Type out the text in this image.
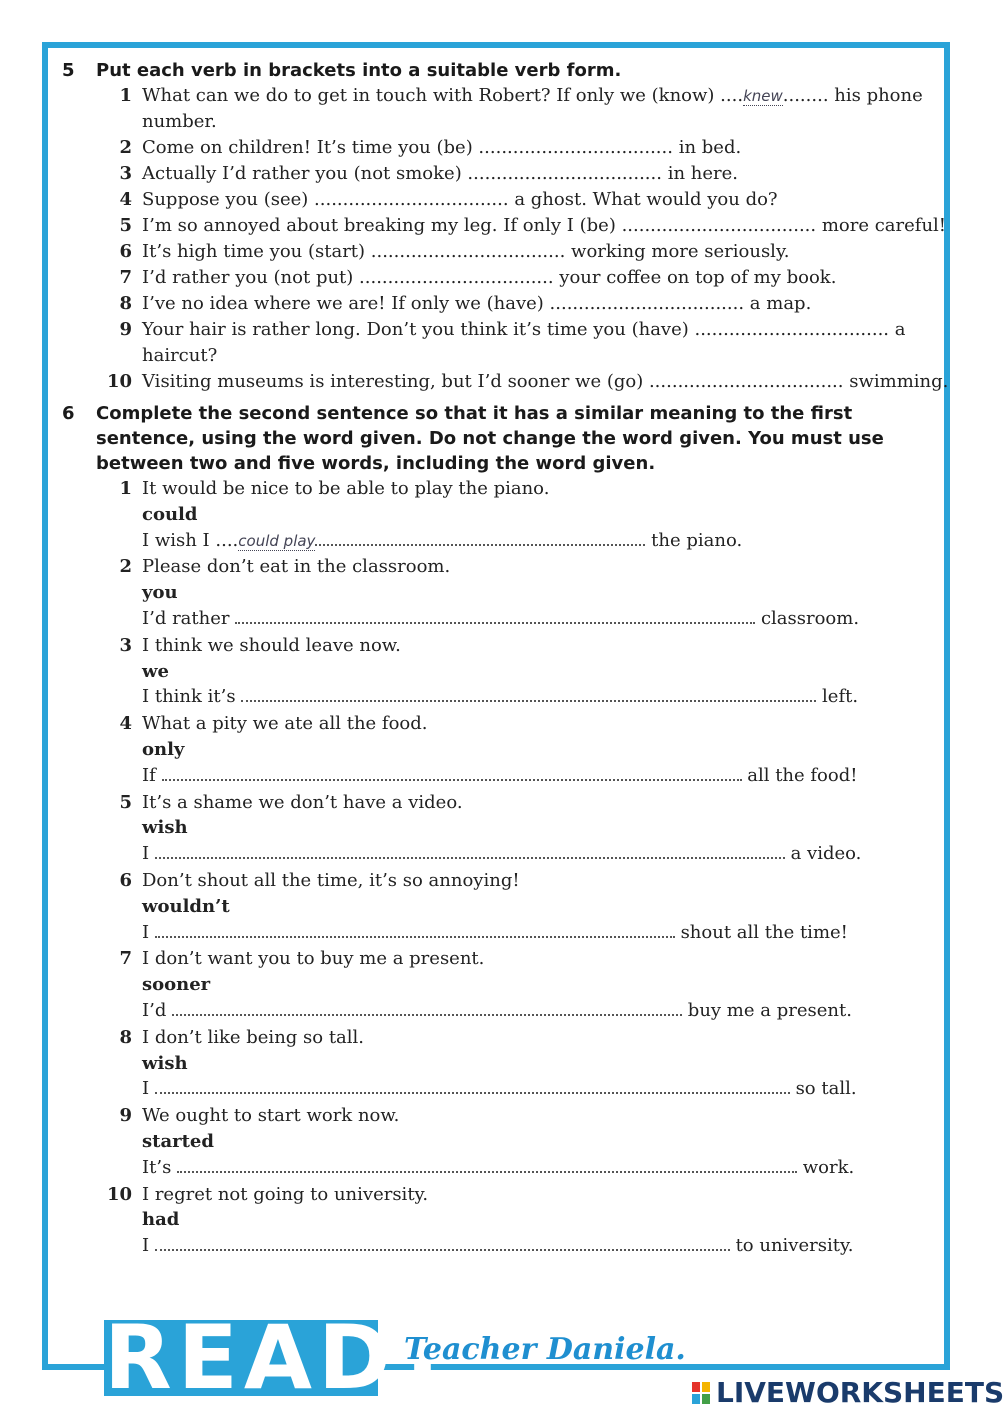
5	Put each verb in brackets into a suitable verb form.
1 What can we do to get in touch with Robert? If only we (know) ....knew........ his phone number.
2 Come on children! It’s time you (be) .................................. in bed.
3 Actually I’d rather you (not smoke) .................................. in here.
4 Suppose you (see) .................................. a ghost. What would you do?
5 I’m so annoyed about breaking my leg. If only I (be) .................................. more careful!
6 It’s high time you (start) .................................. working more seriously.
7 I’d rather you (not put) .................................. your coffee on top of my book.
8 I’ve no idea where we are! If only we (have) .................................. a map.
9 Your hair is rather long. Don’t you think it’s time you (have) .................................. a haircut?
10 Visiting museums is interesting, but I’d sooner we (go) .................................. swimming.
6	Complete the second sentence so that it has a similar meaning to the first sentence, using the word given. Do not change the word given. You must use between two and five words, including the word given.
1 It would be nice to be able to play the piano.
could
I wish I ....could play	the piano.
2 Please don’t eat in the classroom.
you
I’d rather	classroom.
3 I think we should leave now.
we
I think it’s	left.
4 What a pity we ate all the food.
only
If	all the food!
5 It’s a shame we don’t have a video.
wish
I	a video.
6 Don’t shout all the time, it’s so annoying!
wouldn’t
I	shout all the time!
7 I don’t want you to buy me a present.
sooner
I’d	buy me a present.
8 I don’t like being so tall.
wish
I	so tall.
9 We ought to start work now.
started
It’s	work.
10 I regret not going to university.
had
I	to university.
READY
Teacher Daniela.
LIVEWORKSHEETS
